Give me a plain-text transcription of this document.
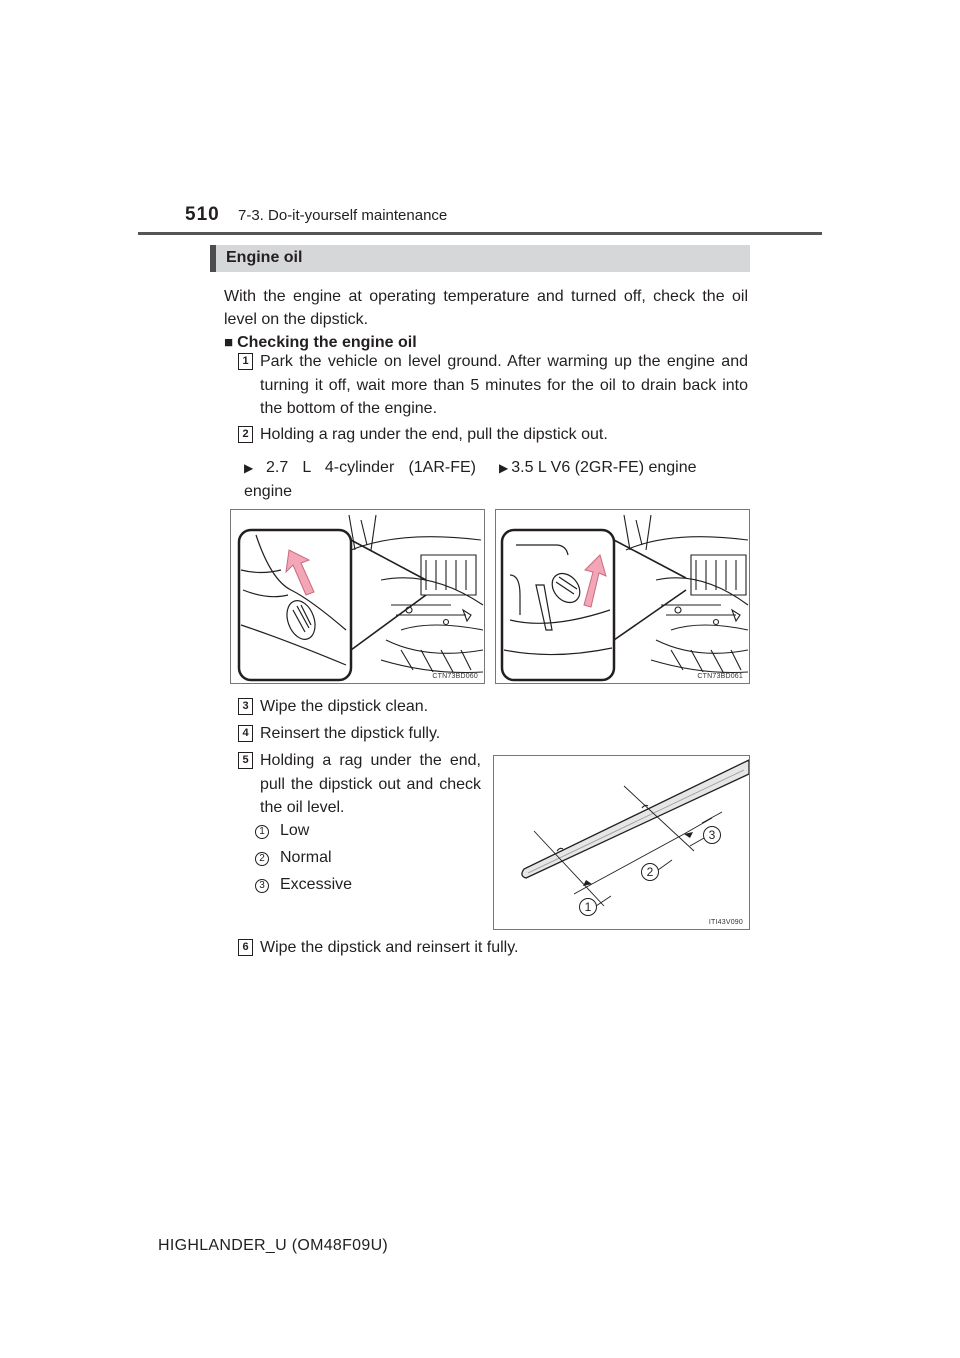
510 7-3. Do-it-yourself maintenance
Engine oil
With the engine at operating temperature and turned off, check the oil level on the dipstick.
■ Checking the engine oil
1 Park the vehicle on level ground. After warming up the engine and turning it off, wait more than 5 minutes for the oil to drain back into the bottom of the engine.
2 Holding a rag under the end, pull the dipstick out.
▶ 2.7 L 4-cylinder (1AR-FE) engine
▶ 3.5 L V6 (2GR-FE) engine
CTN73BD060	CTN73BD061
3 Wipe the dipstick clean.
4 Reinsert the dipstick fully.
5 Holding a rag under the end, pull the dipstick out and check the oil level.
1 Low
2 Normal
3 Excessive
1
2
3
ITI43V090
6 Wipe the dipstick and reinsert it fully.
HIGHLANDER_U (OM48F09U)
